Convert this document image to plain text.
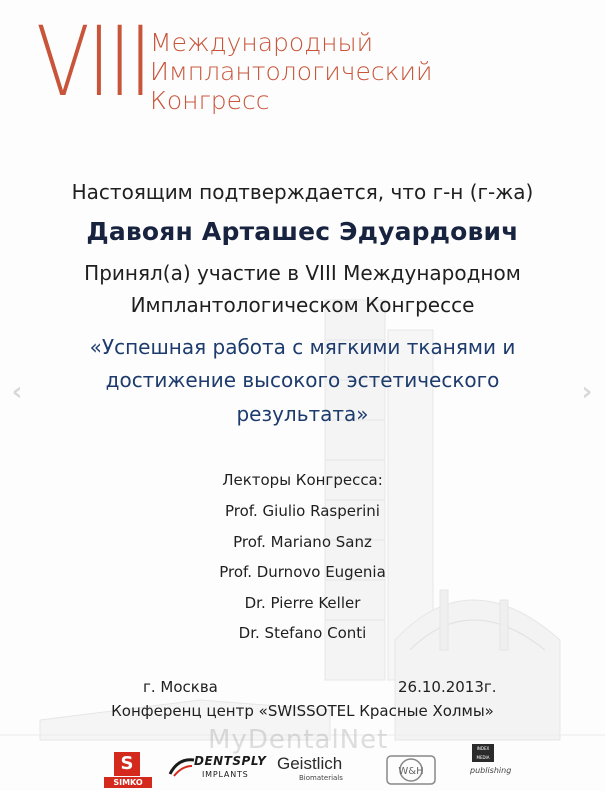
VIII Международный
Имплантологический
Конгресс
Настоящим подтверждается, что г-н (г-жа)
Давоян Арташес Эдуардович
Принял(а) участие в VIII Международном
Имплантологическом Конгрессе
«Успешная работа с мягкими тканями и
достижение высокого эстетического
результата»
Лекторы Конгресса:
Prof. Giulio Rasperini
Prof. Mariano Sanz
Prof. Durnovo Eugenia
Dr. Pierre Keller
Dr. Stefano Conti
г. Москва	26.10.2013г.
Конференц центр «SWISSOTEL Красные Холмы»
MyDentalNet
S
SIMKO
DENTSPLY
IMPLANTS
Geistlich
Biomaterials
W&H
INDEX MEDIA
publishing
‹	›
